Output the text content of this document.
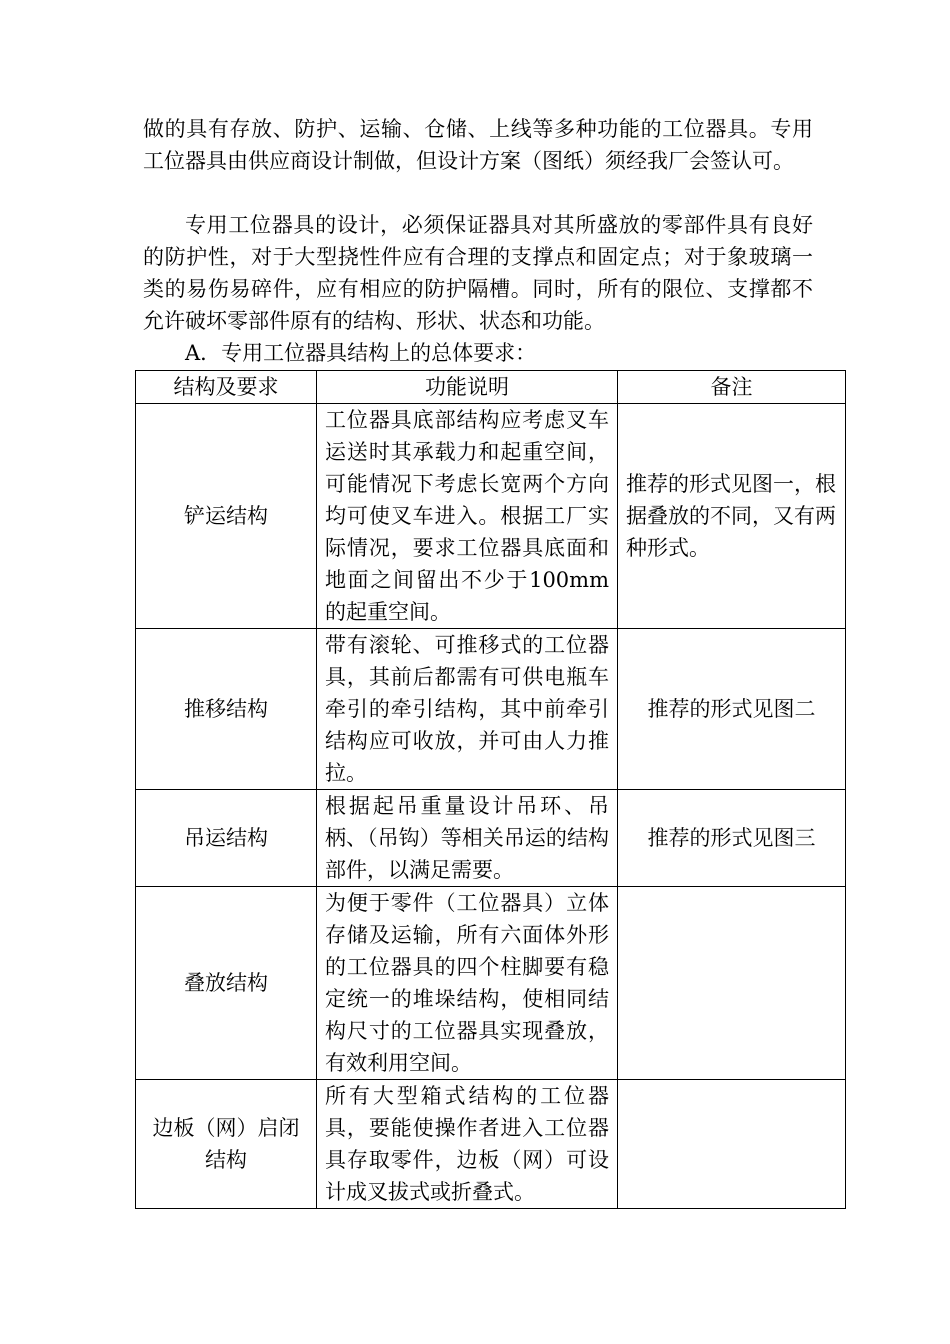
做的具有存放、防护、运输、仓储、上线等多种功能的工位器具。专用工位器具由供应商设计制做，但设计方案（图纸）须经我厂会签认可。

专用工位器具的设计，必须保证器具对其所盛放的零部件具有良好的防护性，对于大型挠性件应有合理的支撑点和固定点；对于象玻璃一类的易伤易碎件，应有相应的防护隔槽。同时，所有的限位、支撑都不允许破坏零部件原有的结构、形状、状态和功能。

A．专用工位器具结构上的总体要求：

结构及要求	功能说明	备注
铲运结构	工位器具底部结构应考虑叉车运送时其承载力和起重空间，可能情况下考虑长宽两个方向均可使叉车进入。根据工厂实际情况，要求工位器具底面和地面之间留出不少于100mm的起重空间。	推荐的形式见图一，根据叠放的不同，又有两种形式。
推移结构	带有滚轮、可推移式的工位器具，其前后都需有可供电瓶车牵引的牵引结构，其中前牵引结构应可收放，并可由人力推拉。	推荐的形式见图二
吊运结构	根据起吊重量设计吊环、吊柄、（吊钩）等相关吊运的结构部件，以满足需要。	推荐的形式见图三
叠放结构	为便于零件（工位器具）立体存储及运输，所有六面体外形的工位器具的四个柱脚要有稳定统一的堆垛结构，使相同结构尺寸的工位器具实现叠放，有效利用空间。	
边板（网）启闭结构	所有大型箱式结构的工位器具，要能使操作者进入工位器具存取零件，边板（网）可设计成叉拔式或折叠式。	
